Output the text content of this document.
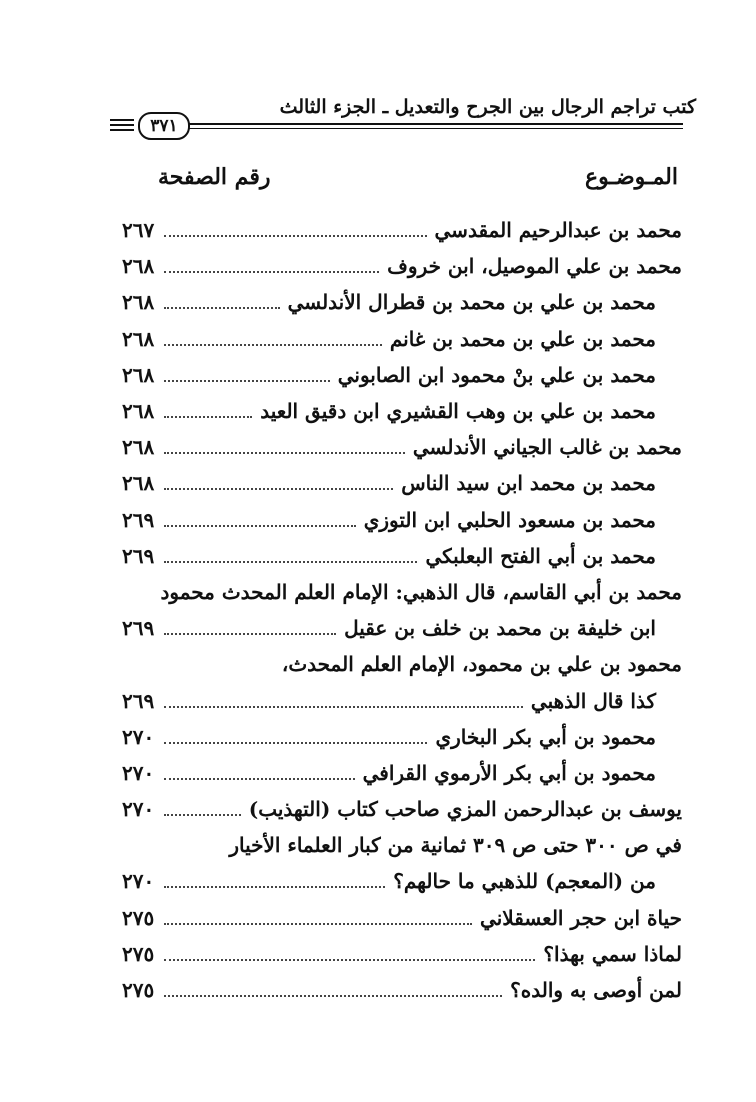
كتب تراجم الرجال بين الجرح والتعديل ـ الجزء الثالث
٣٧١
المـوضـوع
رقم الصفحة
محمد بن عبدالرحيم المقدسي
٢٦٧
محمد بن علي الموصيل، ابن خروف
٢٦٨
محمد بن علي بن محمد بن قطرال الأندلسي
٢٦٨
محمد بن علي بن محمد بن غانم
٢٦٨
محمد بن علي بنْ محمود ابن الصابوني
٢٦٨
محمد بن علي بن وهب القشيري ابن دقيق العيد
٢٦٨
محمد بن غالب الجياني الأندلسي
٢٦٨
محمد بن محمد ابن سيد الناس
٢٦٨
محمد بن مسعود الحلبي ابن التوزي
٢٦٩
محمد بن أبي الفتح البعلبكي
٢٦٩
محمد بن أبي القاسم، قال الذهبي: الإمام العلم المحدث محمود
ابن خليفة بن محمد بن خلف بن عقيل
٢٦٩
محمود بن علي بن محمود، الإمام العلم المحدث،
كذا قال الذهبي
٢٦٩
محمود بن أبي بكر البخاري
٢٧٠
محمود بن أبي بكر الأرموي القرافي
٢٧٠
يوسف بن عبدالرحمن المزي صاحب كتاب (التهذيب)
٢٧٠
في ص ٣٠٠ حتى ص ٣٠٩ ثمانية من كبار العلماء الأخيار
من (المعجم) للذهبي ما حالهم؟
٢٧٠
حياة ابن حجر العسقلاني
٢٧٥
لماذا سمي بهذا؟
٢٧٥
لمن أوصى به والده؟
٢٧٥
